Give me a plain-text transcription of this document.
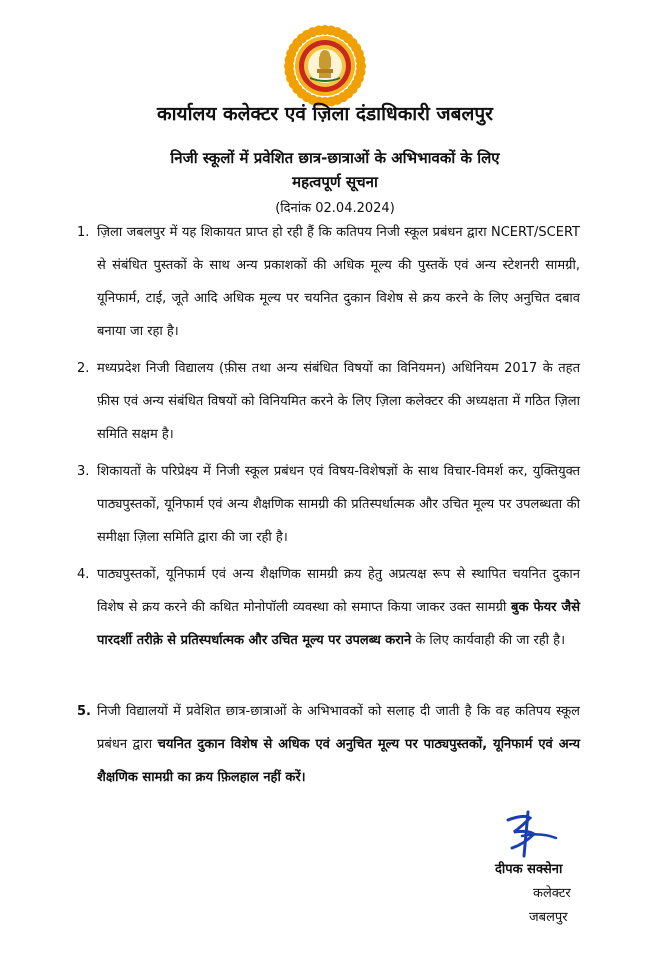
कार्यालय कलेक्टर एवं ज़िला दंडाधिकारी जबलपुर
निजी स्कूलों में प्रवेशित छात्र-छात्राओं के अभिभावकों के लिए
महत्वपूर्ण सूचना
(दिनांक 02.04.2024)
1. ज़िला जबलपुर में यह शिकायत प्राप्त हो रही हैं कि कतिपय निजी स्कूल प्रबंधन द्वारा NCERT/SCERT से संबंधित पुस्तकों के साथ अन्य प्रकाशकों की अधिक मूल्य की पुस्तकें एवं अन्य स्टेशनरी सामग्री, यूनिफार्म, टाई, जूते आदि अधिक मूल्य पर चयनित दुकान विशेष से क्रय करने के लिए अनुचित दबाव बनाया जा रहा है।
2. मध्यप्रदेश निजी विद्यालय (फ़ीस तथा अन्य संबंधित विषयों का विनियमन) अधिनियम 2017 के तहत फ़ीस एवं अन्य संबंधित विषयों को विनियमित करने के लिए ज़िला कलेक्टर की अध्यक्षता में गठित ज़िला समिति सक्षम है।
3. शिकायतों के परिप्रेक्ष्य में निजी स्कूल प्रबंधन एवं विषय-विशेषज्ञों के साथ विचार-विमर्श कर, युक्तियुक्त पाठ्यपुस्तकों, यूनिफार्म एवं अन्य शैक्षणिक सामग्री की प्रतिस्पर्धात्मक और उचित मूल्य पर उपलब्धता की समीक्षा ज़िला समिति द्वारा की जा रही है।
4. पाठ्यपुस्तकों, यूनिफार्म एवं अन्य शैक्षणिक सामग्री क्रय हेतु अप्रत्यक्ष रूप से स्थापित चयनित दुकान विशेष से क्रय करने की कथित मोनोपॉली व्यवस्था को समाप्त किया जाकर उक्त सामग्री बुक फेयर जैसे पारदर्शी तरीक़े से प्रतिस्पर्धात्मक और उचित मूल्य पर उपलब्ध कराने के लिए कार्यवाही की जा रही है।
5. निजी विद्यालयों में प्रवेशित छात्र-छात्राओं के अभिभावकों को सलाह दी जाती है कि वह कतिपय स्कूल प्रबंधन द्वारा चयनित दुकान विशेष से अधिक एवं अनुचित मूल्य पर पाठ्यपुस्तकों, यूनिफार्म एवं अन्य शैक्षणिक सामग्री का क्रय फ़िलहाल नहीं करें।
दीपक सक्सेना
कलेक्टर
जबलपुर
